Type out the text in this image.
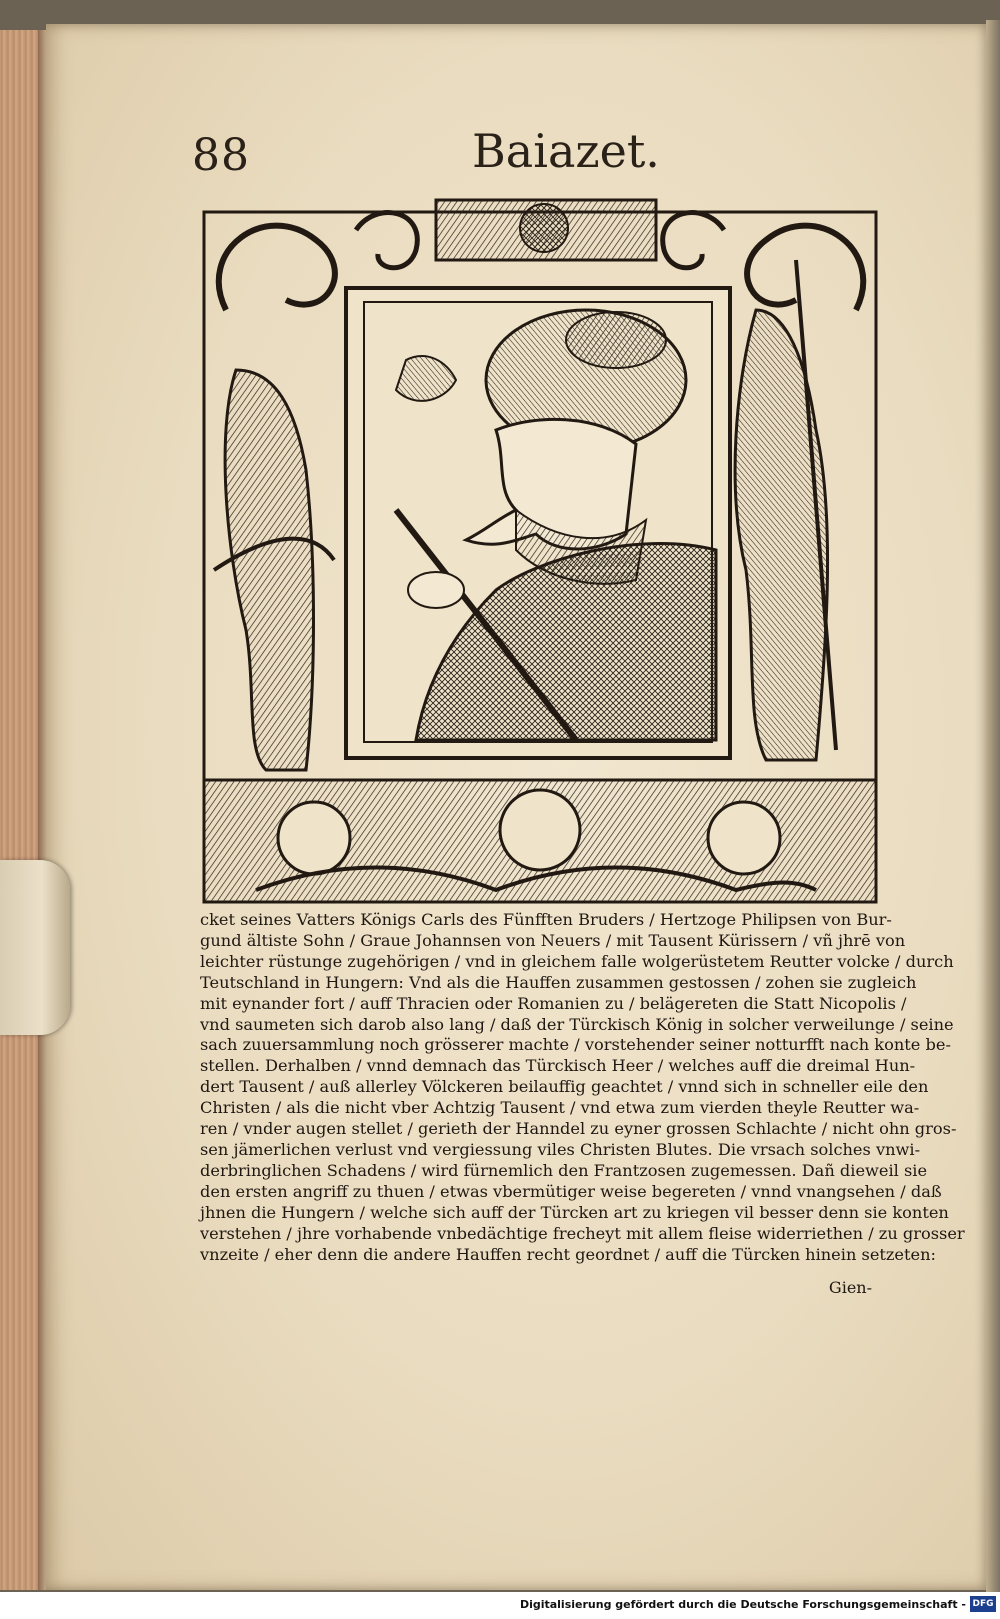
88	Baiazet.
cket seines Vatters Königs Carls des Fünfften Bruders / Hertzoge Philipsen von Bur-
gund ältiste Sohn / Graue Johannsen von Neuers / mit Tausent Kürissern / vñ jhrē von
leichter rüstunge zugehörigen / vnd in gleichem falle wolgerüstetem Reutter volcke / durch
Teutschland in Hungern: Vnd als die Hauffen zusammen gestossen / zohen sie zugleich
mit eynander fort / auff Thracien oder Romanien zu / belägereten die Statt Nicopolis /
vnd saumeten sich darob also lang / daß der Türckisch König in solcher verweilunge / seine
sach zuuersammlung noch grösserer machte / vorstehender seiner notturfft nach konte be-
stellen. Derhalben / vnnd demnach das Türckisch Heer / welches auff die dreimal Hun-
dert Tausent / auß allerley Völckeren beilauffig geachtet / vnnd sich in schneller eile den
Christen / als die nicht vber Achtzig Tausent / vnd etwa zum vierden theyle Reutter wa-
ren / vnder augen stellet / gerieth der Hanndel zu eyner grossen Schlachte / nicht ohn gros-
sen jämerlichen verlust vnd vergiessung viles Christen Blutes. Die vrsach solches vnwi-
derbringlichen Schadens / wird fürnemlich den Frantzosen zugemessen. Dañ dieweil sie
den ersten angriff zu thuen / etwas vbermütiger weise begereten / vnnd vnangsehen / daß
jhnen die Hungern / welche sich auff der Türcken art zu kriegen vil besser denn sie konten
verstehen / jhre vorhabende vnbedächtige frecheyt mit allem fleise widerriethen / zu grosser
vnzeite / eher denn die andere Hauffen recht geordnet / auff die Türcken hinein setzeten:
Gien-
Digitalisierung gefördert durch die Deutsche Forschungsgemeinschaft - DFG
